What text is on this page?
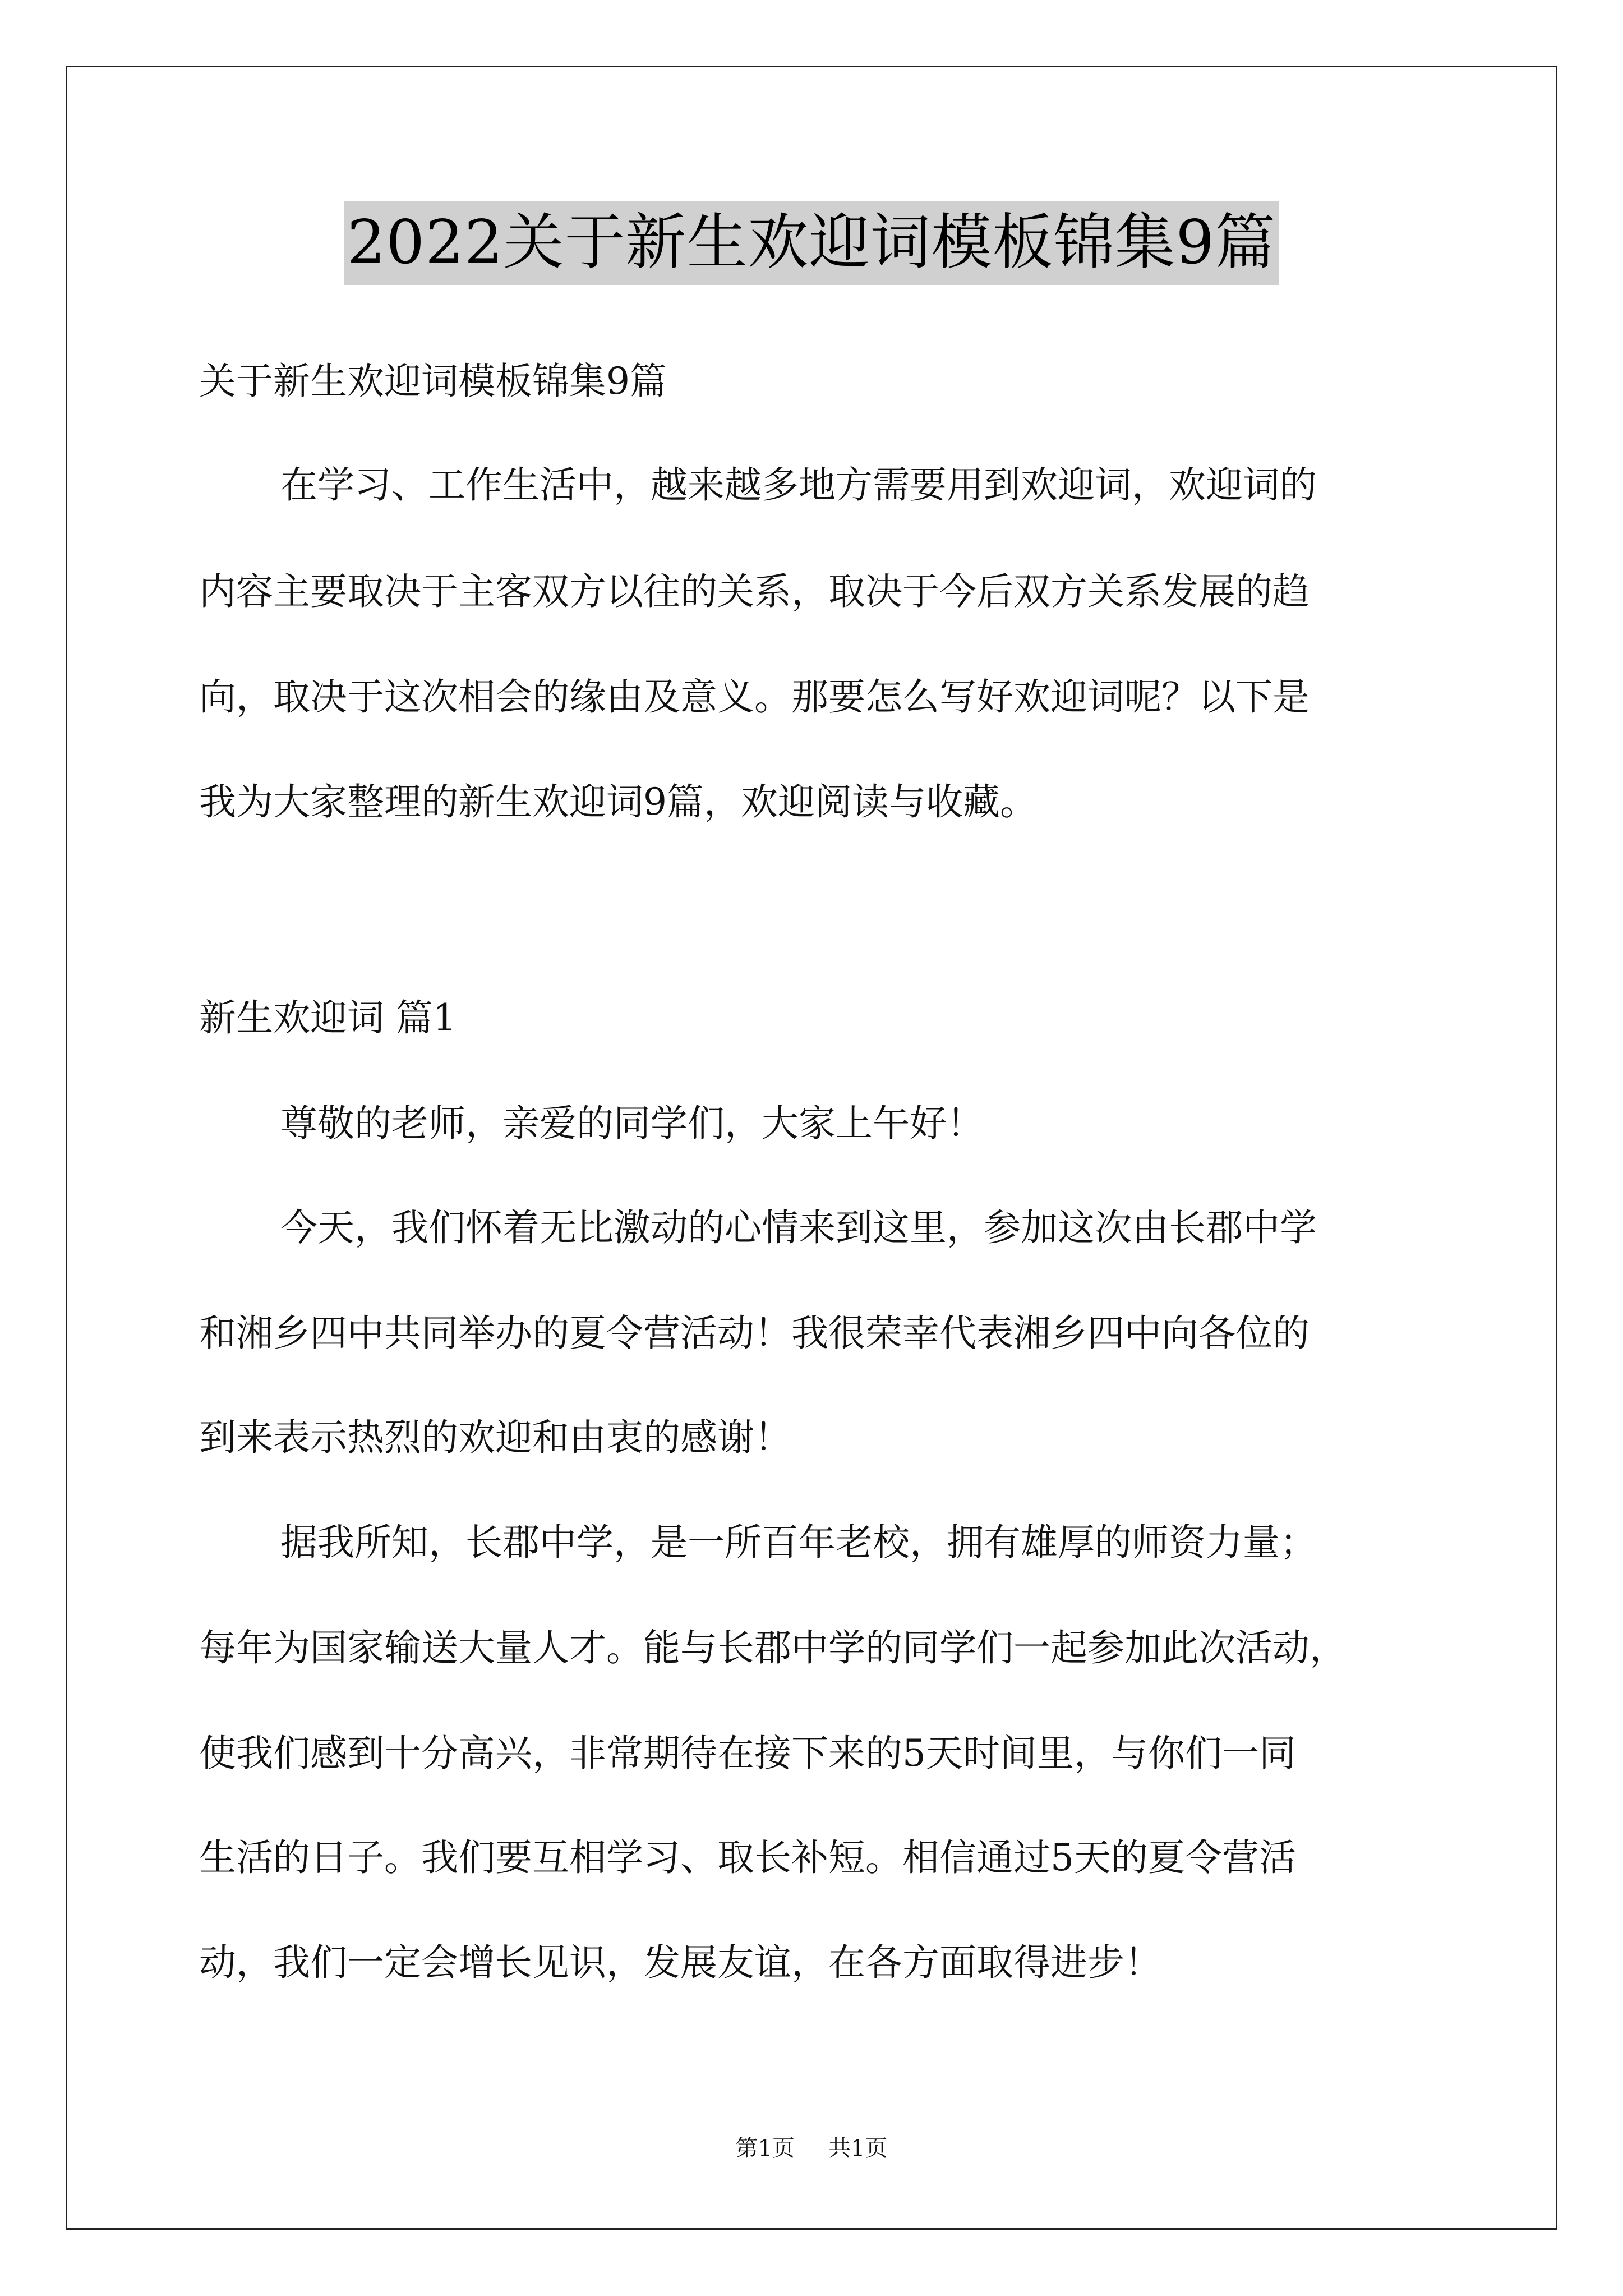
2022关于新生欢迎词模板锦集9篇
关于新生欢迎词模板锦集9篇
在学习、工作生活中，越来越多地方需要用到欢迎词，欢迎词的
内容主要取决于主客双方以往的关系，取决于今后双方关系发展的趋
向，取决于这次相会的缘由及意义。那要怎么写好欢迎词呢？以下是
我为大家整理的新生欢迎词9篇，欢迎阅读与收藏。
新生欢迎词 篇1
尊敬的老师，亲爱的同学们，大家上午好！
今天，我们怀着无比激动的心情来到这里，参加这次由长郡中学
和湘乡四中共同举办的夏令营活动！我很荣幸代表湘乡四中向各位的
到来表示热烈的欢迎和由衷的感谢！
据我所知，长郡中学，是一所百年老校，拥有雄厚的师资力量；
每年为国家输送大量人才。能与长郡中学的同学们一起参加此次活动，
使我们感到十分高兴，非常期待在接下来的5天时间里，与你们一同
生活的日子。我们要互相学习、取长补短。相信通过5天的夏令营活
动，我们一定会增长见识，发展友谊，在各方面取得进步！
第1页 共1页
